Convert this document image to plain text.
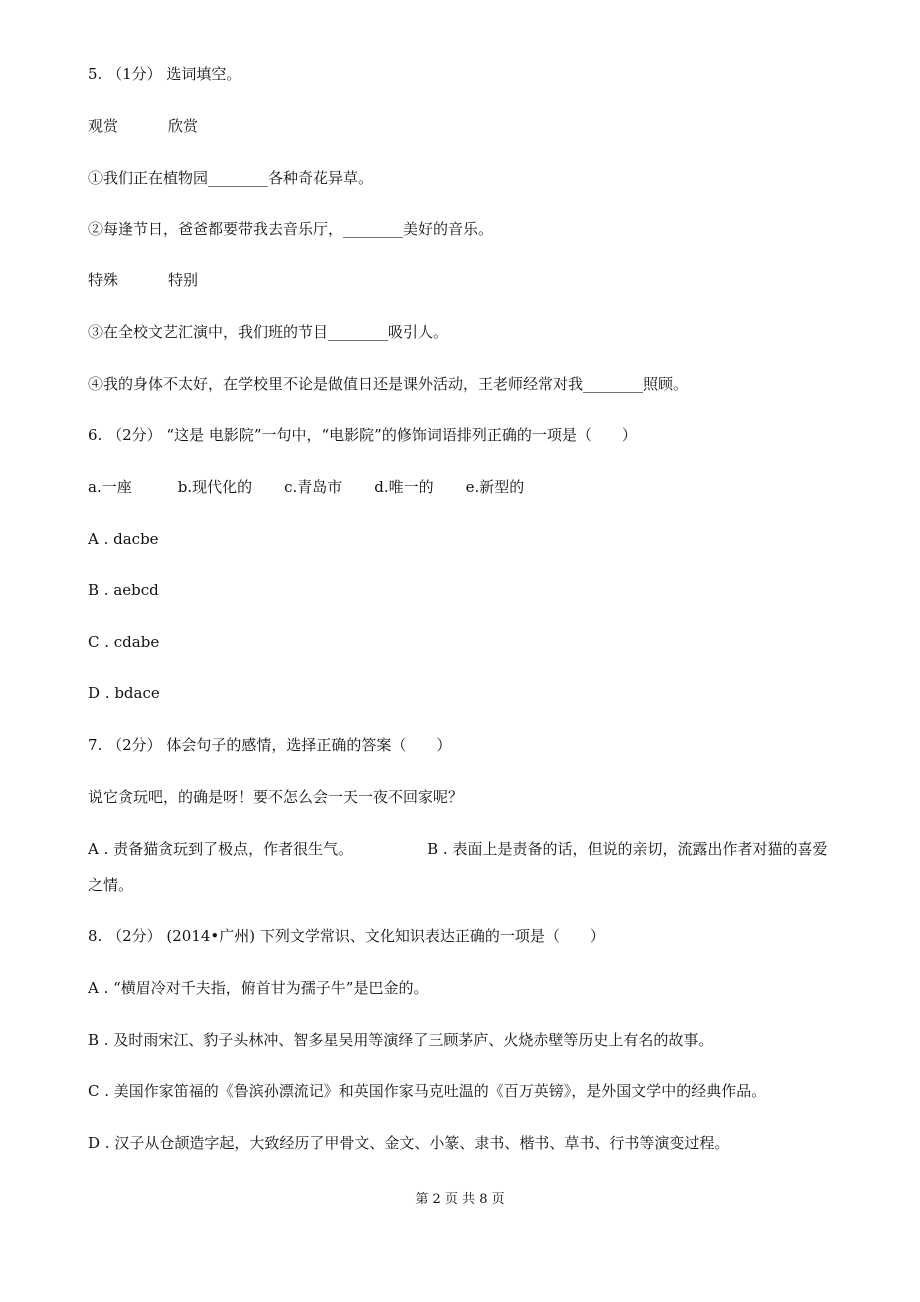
5. （1分） 选词填空。
观赏	欣赏
①我们正在植物园________各种奇花异草。
②每逢节日，爸爸都要带我去音乐厅，________美好的音乐。
特殊	特别
③在全校文艺汇演中，我们班的节目________吸引人。
④我的身体不太好，在学校里不论是做值日还是课外活动，王老师经常对我________照顾。
6. （2分） “这是 电影院”一句中，“电影院”的修饰词语排列正确的一项是（　　）
a.一座	b.现代化的 c.青岛市 d.唯一的 e.新型的
A . dacbe
B . aebcd
C . cdabe
D . bdace
7. （2分） 体会句子的感情，选择正确的答案（　　）
说它贪玩吧，的确是呀！要不怎么会一天一夜不回家呢？
A . 责备猫贪玩到了极点，作者很生气。	B . 表面上是责备的话，但说的亲切，流露出作者对猫的喜爱
之情。
8. （2分） (2014•广州) 下列文学常识、文化知识表达正确的一项是（　　）
A . “横眉冷对千夫指，俯首甘为孺子牛”是巴金的。
B . 及时雨宋江、豹子头林冲、智多星吴用等演绎了三顾茅庐、火烧赤壁等历史上有名的故事。
C . 美国作家笛福的《鲁滨孙漂流记》和英国作家马克吐温的《百万英镑》，是外国文学中的经典作品。
D . 汉子从仓颉造字起，大致经历了甲骨文、金文、小篆、隶书、楷书、草书、行书等演变过程。
第 2 页 共 8 页
